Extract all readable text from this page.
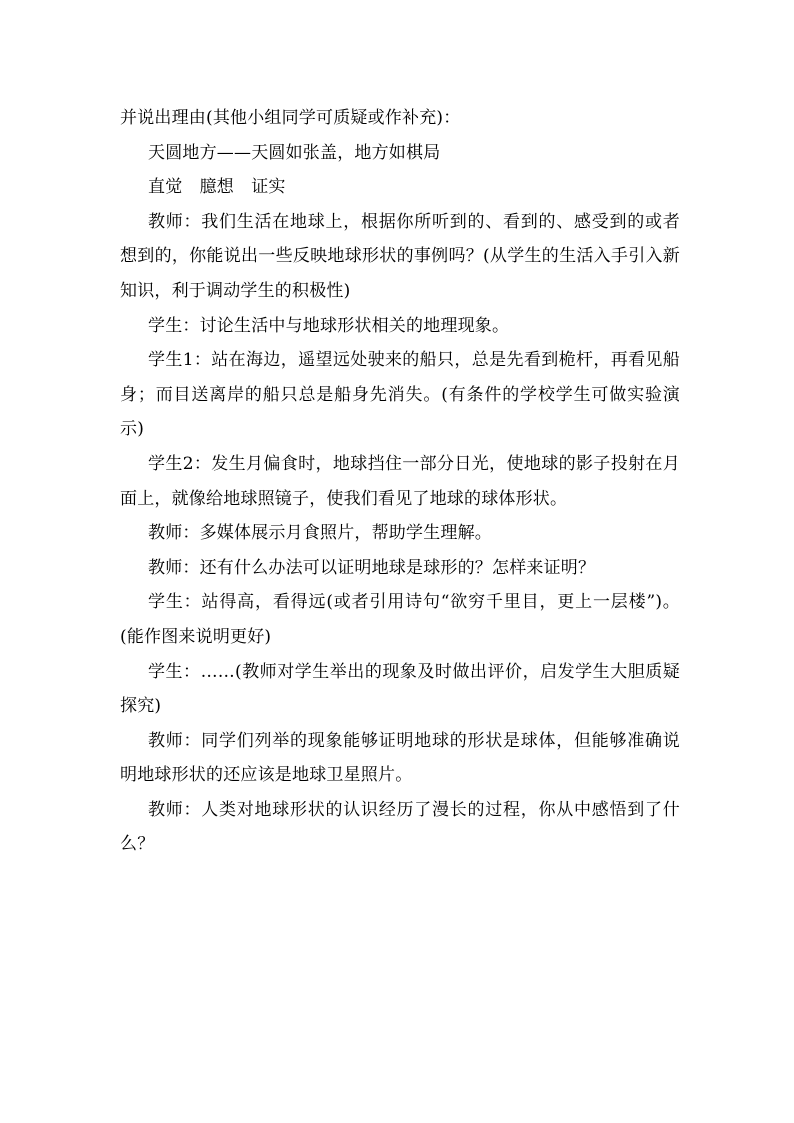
并说出理由(其他小组同学可质疑或作补充)：

天圆地方——天圆如张盖，地方如棋局

直觉　臆想　证实

教师：我们生活在地球上，根据你所听到的、看到的、感受到的或者想到的，你能说出一些反映地球形状的事例吗？(从学生的生活入手引入新知识，利于调动学生的积极性)

学生：讨论生活中与地球形状相关的地理现象。

学生1：站在海边，遥望远处驶来的船只，总是先看到桅杆，再看见船身；而目送离岸的船只总是船身先消失。(有条件的学校学生可做实验演示)

学生2：发生月偏食时，地球挡住一部分日光，使地球的影子投射在月面上，就像给地球照镜子，使我们看见了地球的球体形状。

教师：多媒体展示月食照片，帮助学生理解。

教师：还有什么办法可以证明地球是球形的？怎样来证明？

学生：站得高，看得远(或者引用诗句“欲穷千里目，更上一层楼”)。(能作图来说明更好)

学生：……(教师对学生举出的现象及时做出评价，启发学生大胆质疑探究)

教师：同学们列举的现象能够证明地球的形状是球体，但能够准确说明地球形状的还应该是地球卫星照片。

教师：人类对地球形状的认识经历了漫长的过程，你从中感悟到了什么？
